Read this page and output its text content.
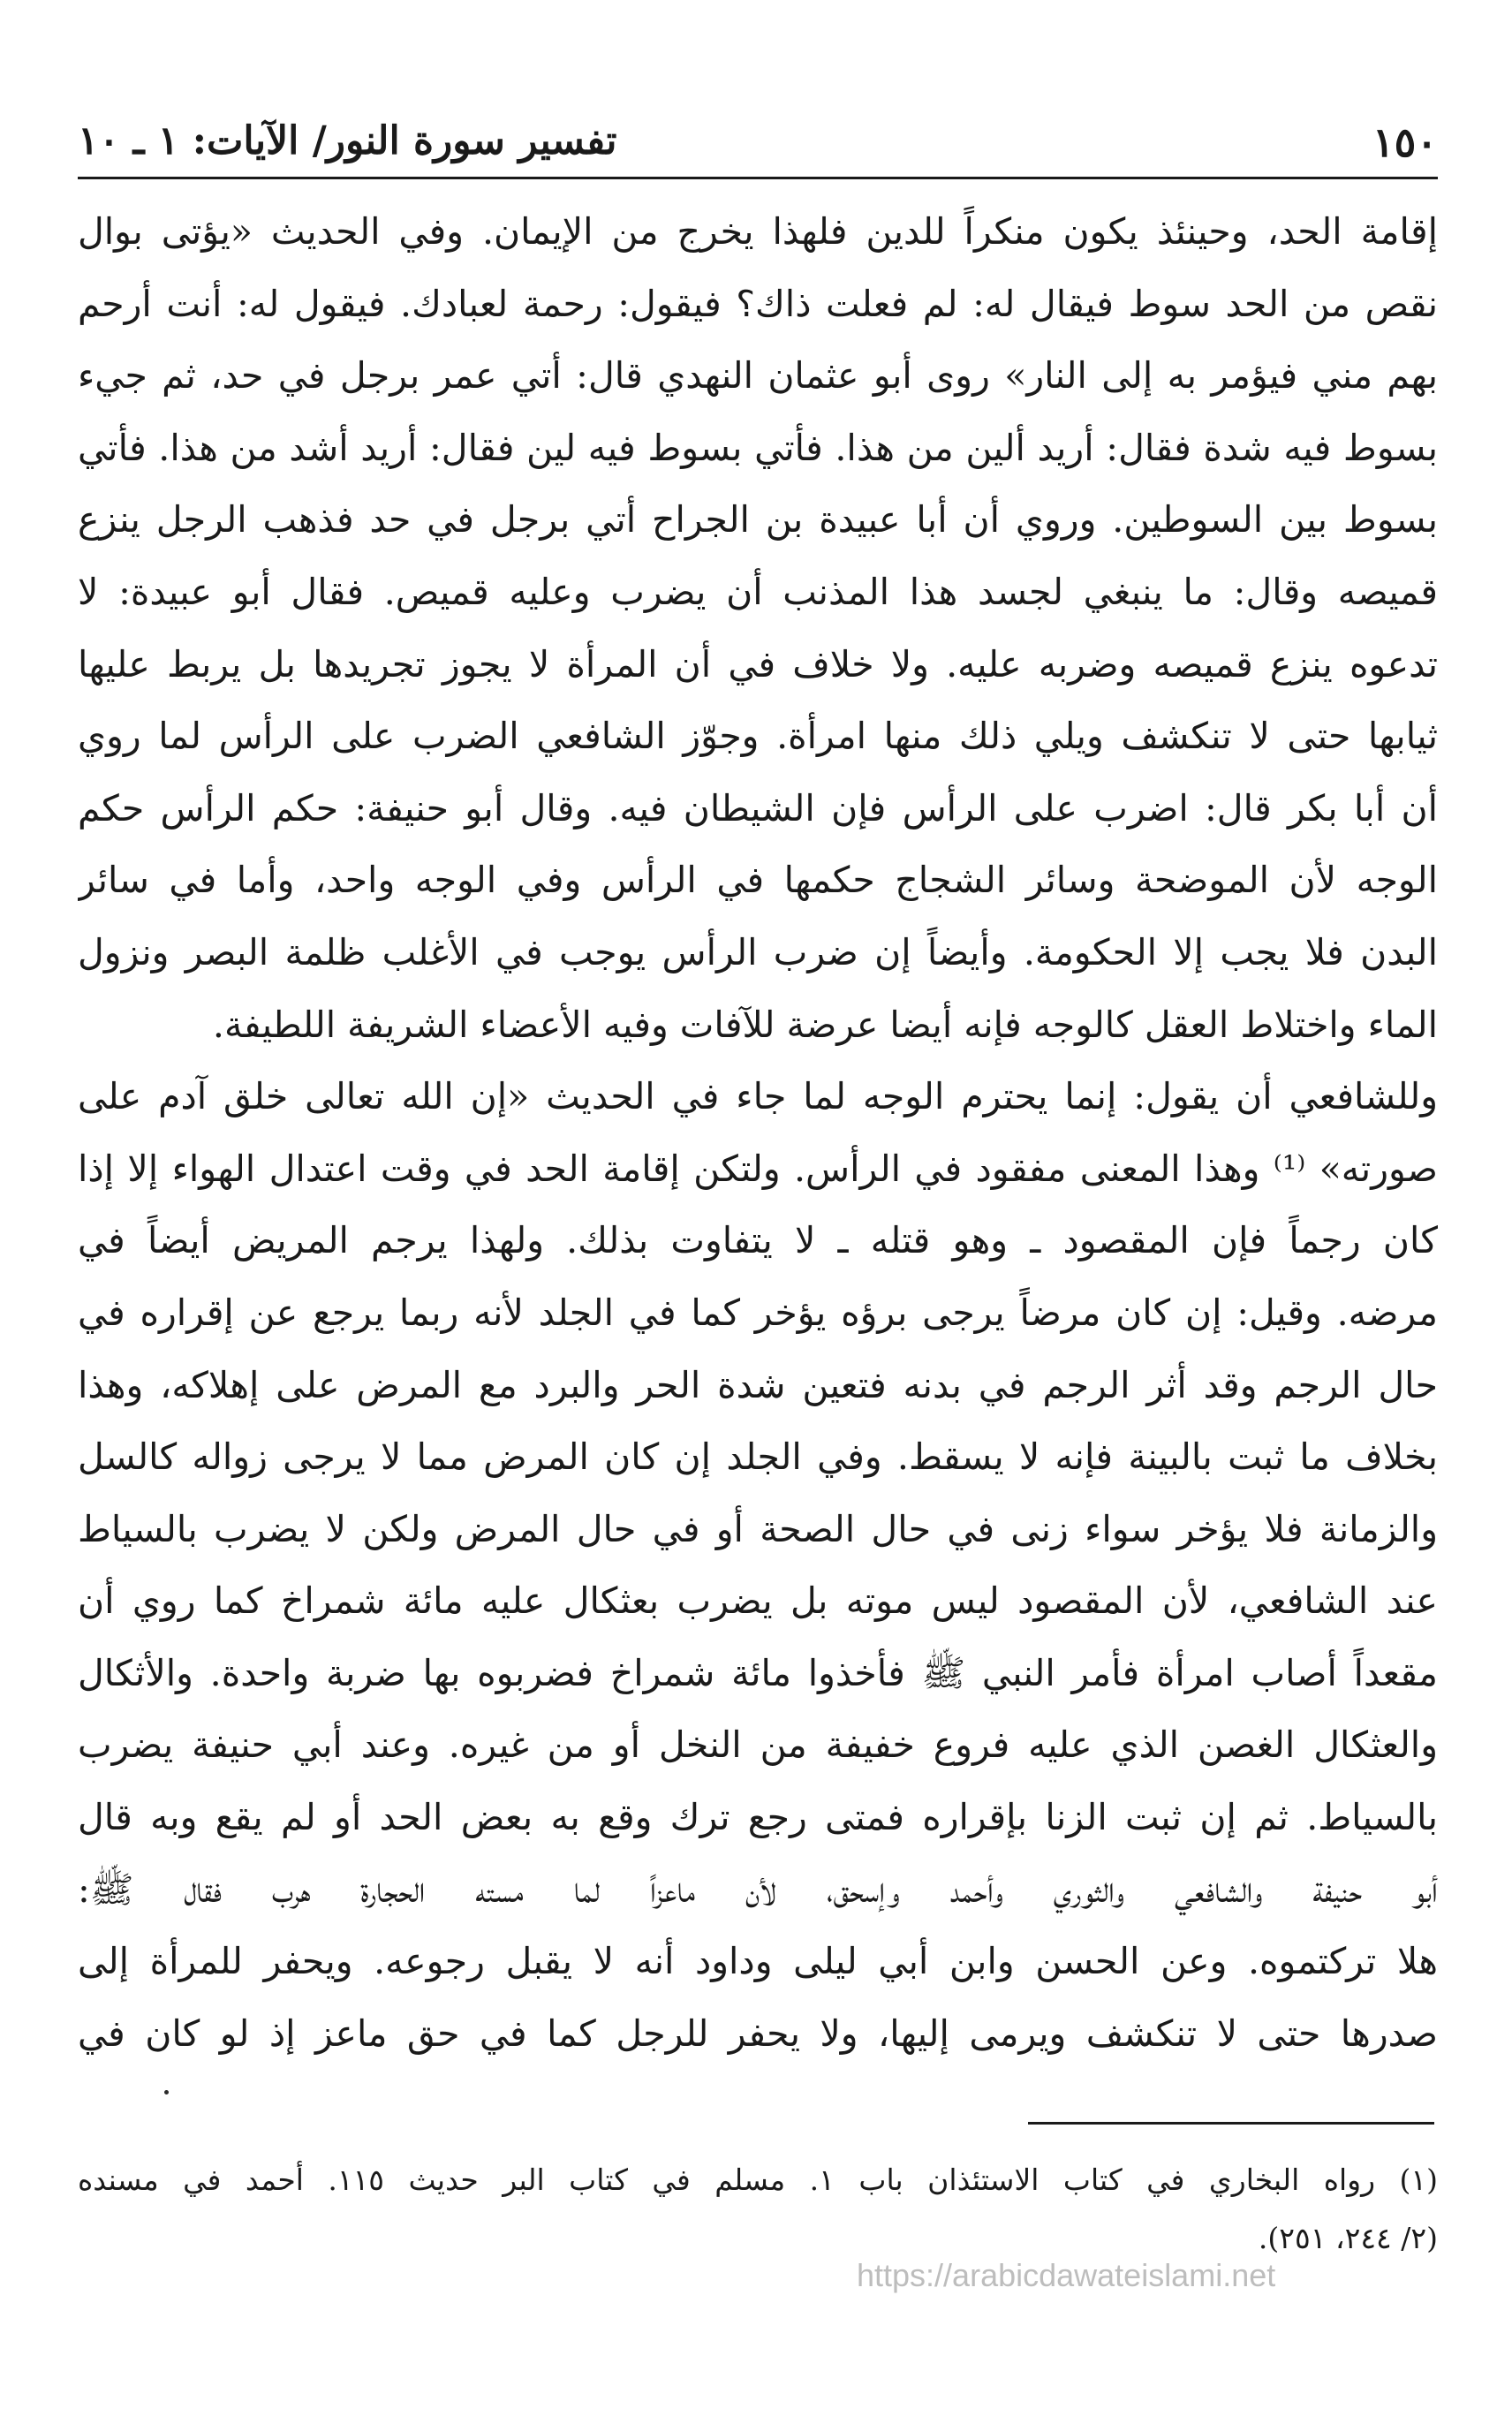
١٥٠
تفسير سورة النور/ الآيات: ١ ـ ١٠
إقامة الحد، وحينئذ يكون منكراً للدين فلهذا يخرج من الإيمان. وفي الحديث «يؤتى بوال
نقص من الحد سوط فيقال له: لم فعلت ذاك؟ فيقول: رحمة لعبادك. فيقول له: أنت أرحم
بهم مني فيؤمر به إلى النار» روى أبو عثمان النهدي قال: أتي عمر برجل في حد، ثم جيء
بسوط فيه شدة فقال: أريد ألين من هذا. فأتي بسوط فيه لين فقال: أريد أشد من هذا. فأتي
بسوط بين السوطين. وروي أن أبا عبيدة بن الجراح أتي برجل في حد فذهب الرجل ينزع
قميصه وقال: ما ينبغي لجسد هذا المذنب أن يضرب وعليه قميص. فقال أبو عبيدة: لا
تدعوه ينزع قميصه وضربه عليه. ولا خلاف في أن المرأة لا يجوز تجريدها بل يربط عليها
ثيابها حتى لا تنكشف ويلي ذلك منها امرأة. وجوّز الشافعي الضرب على الرأس لما روي
أن أبا بكر قال: اضرب على الرأس فإن الشيطان فيه. وقال أبو حنيفة: حكم الرأس حكم
الوجه لأن الموضحة وسائر الشجاج حكمها في الرأس وفي الوجه واحد، وأما في سائر
البدن فلا يجب إلا الحكومة. وأيضاً إن ضرب الرأس يوجب في الأغلب ظلمة البصر ونزول
الماء واختلاط العقل كالوجه فإنه أيضا عرضة للآفات وفيه الأعضاء الشريفة اللطيفة.
وللشافعي أن يقول: إنما يحترم الوجه لما جاء في الحديث «إن الله تعالى خلق آدم على
صورته» ⁽¹⁾ وهذا المعنى مفقود في الرأس. ولتكن إقامة الحد في وقت اعتدال الهواء إلا إذا
كان رجماً فإن المقصود ـ وهو قتله ـ لا يتفاوت بذلك. ولهذا يرجم المريض أيضاً في
مرضه. وقيل: إن كان مرضاً يرجى برؤه يؤخر كما في الجلد لأنه ربما يرجع عن إقراره في
حال الرجم وقد أثر الرجم في بدنه فتعين شدة الحر والبرد مع المرض على إهلاكه، وهذا
بخلاف ما ثبت بالبينة فإنه لا يسقط. وفي الجلد إن كان المرض مما لا يرجى زواله كالسل
والزمانة فلا يؤخر سواء زنى في حال الصحة أو في حال المرض ولكن لا يضرب بالسياط
عند الشافعي، لأن المقصود ليس موته بل يضرب بعثكال عليه مائة شمراخ كما روي أن
مقعداً أصاب امرأة فأمر النبي ﷺ فأخذوا مائة شمراخ فضربوه بها ضربة واحدة. والأثكال
والعثكال الغصن الذي عليه فروع خفيفة من النخل أو من غيره. وعند أبي حنيفة يضرب
بالسياط. ثم إن ثبت الزنا بإقراره فمتى رجع ترك وقع به بعض الحد أو لم يقع وبه قال
أبو حنيفة والشافعي والثوري وأحمد وإسحق، لأن ماعزاً لما مسته الحجارة هرب فقال ﷺ:
هلا تركتموه. وعن الحسن وابن أبي ليلى وداود أنه لا يقبل رجوعه. ويحفر للمرأة إلى
صدرها حتى لا تنكشف ويرمى إليها، ولا يحفر للرجل كما في حق ماعز إذ لو كان في
(١) رواه البخاري في كتاب الاستئذان باب ١. مسلم في كتاب البر حديث ١١٥. أحمد في مسنده
(٢/ ٢٤٤، ٢٥١).
https://arabicdawateislami.net
